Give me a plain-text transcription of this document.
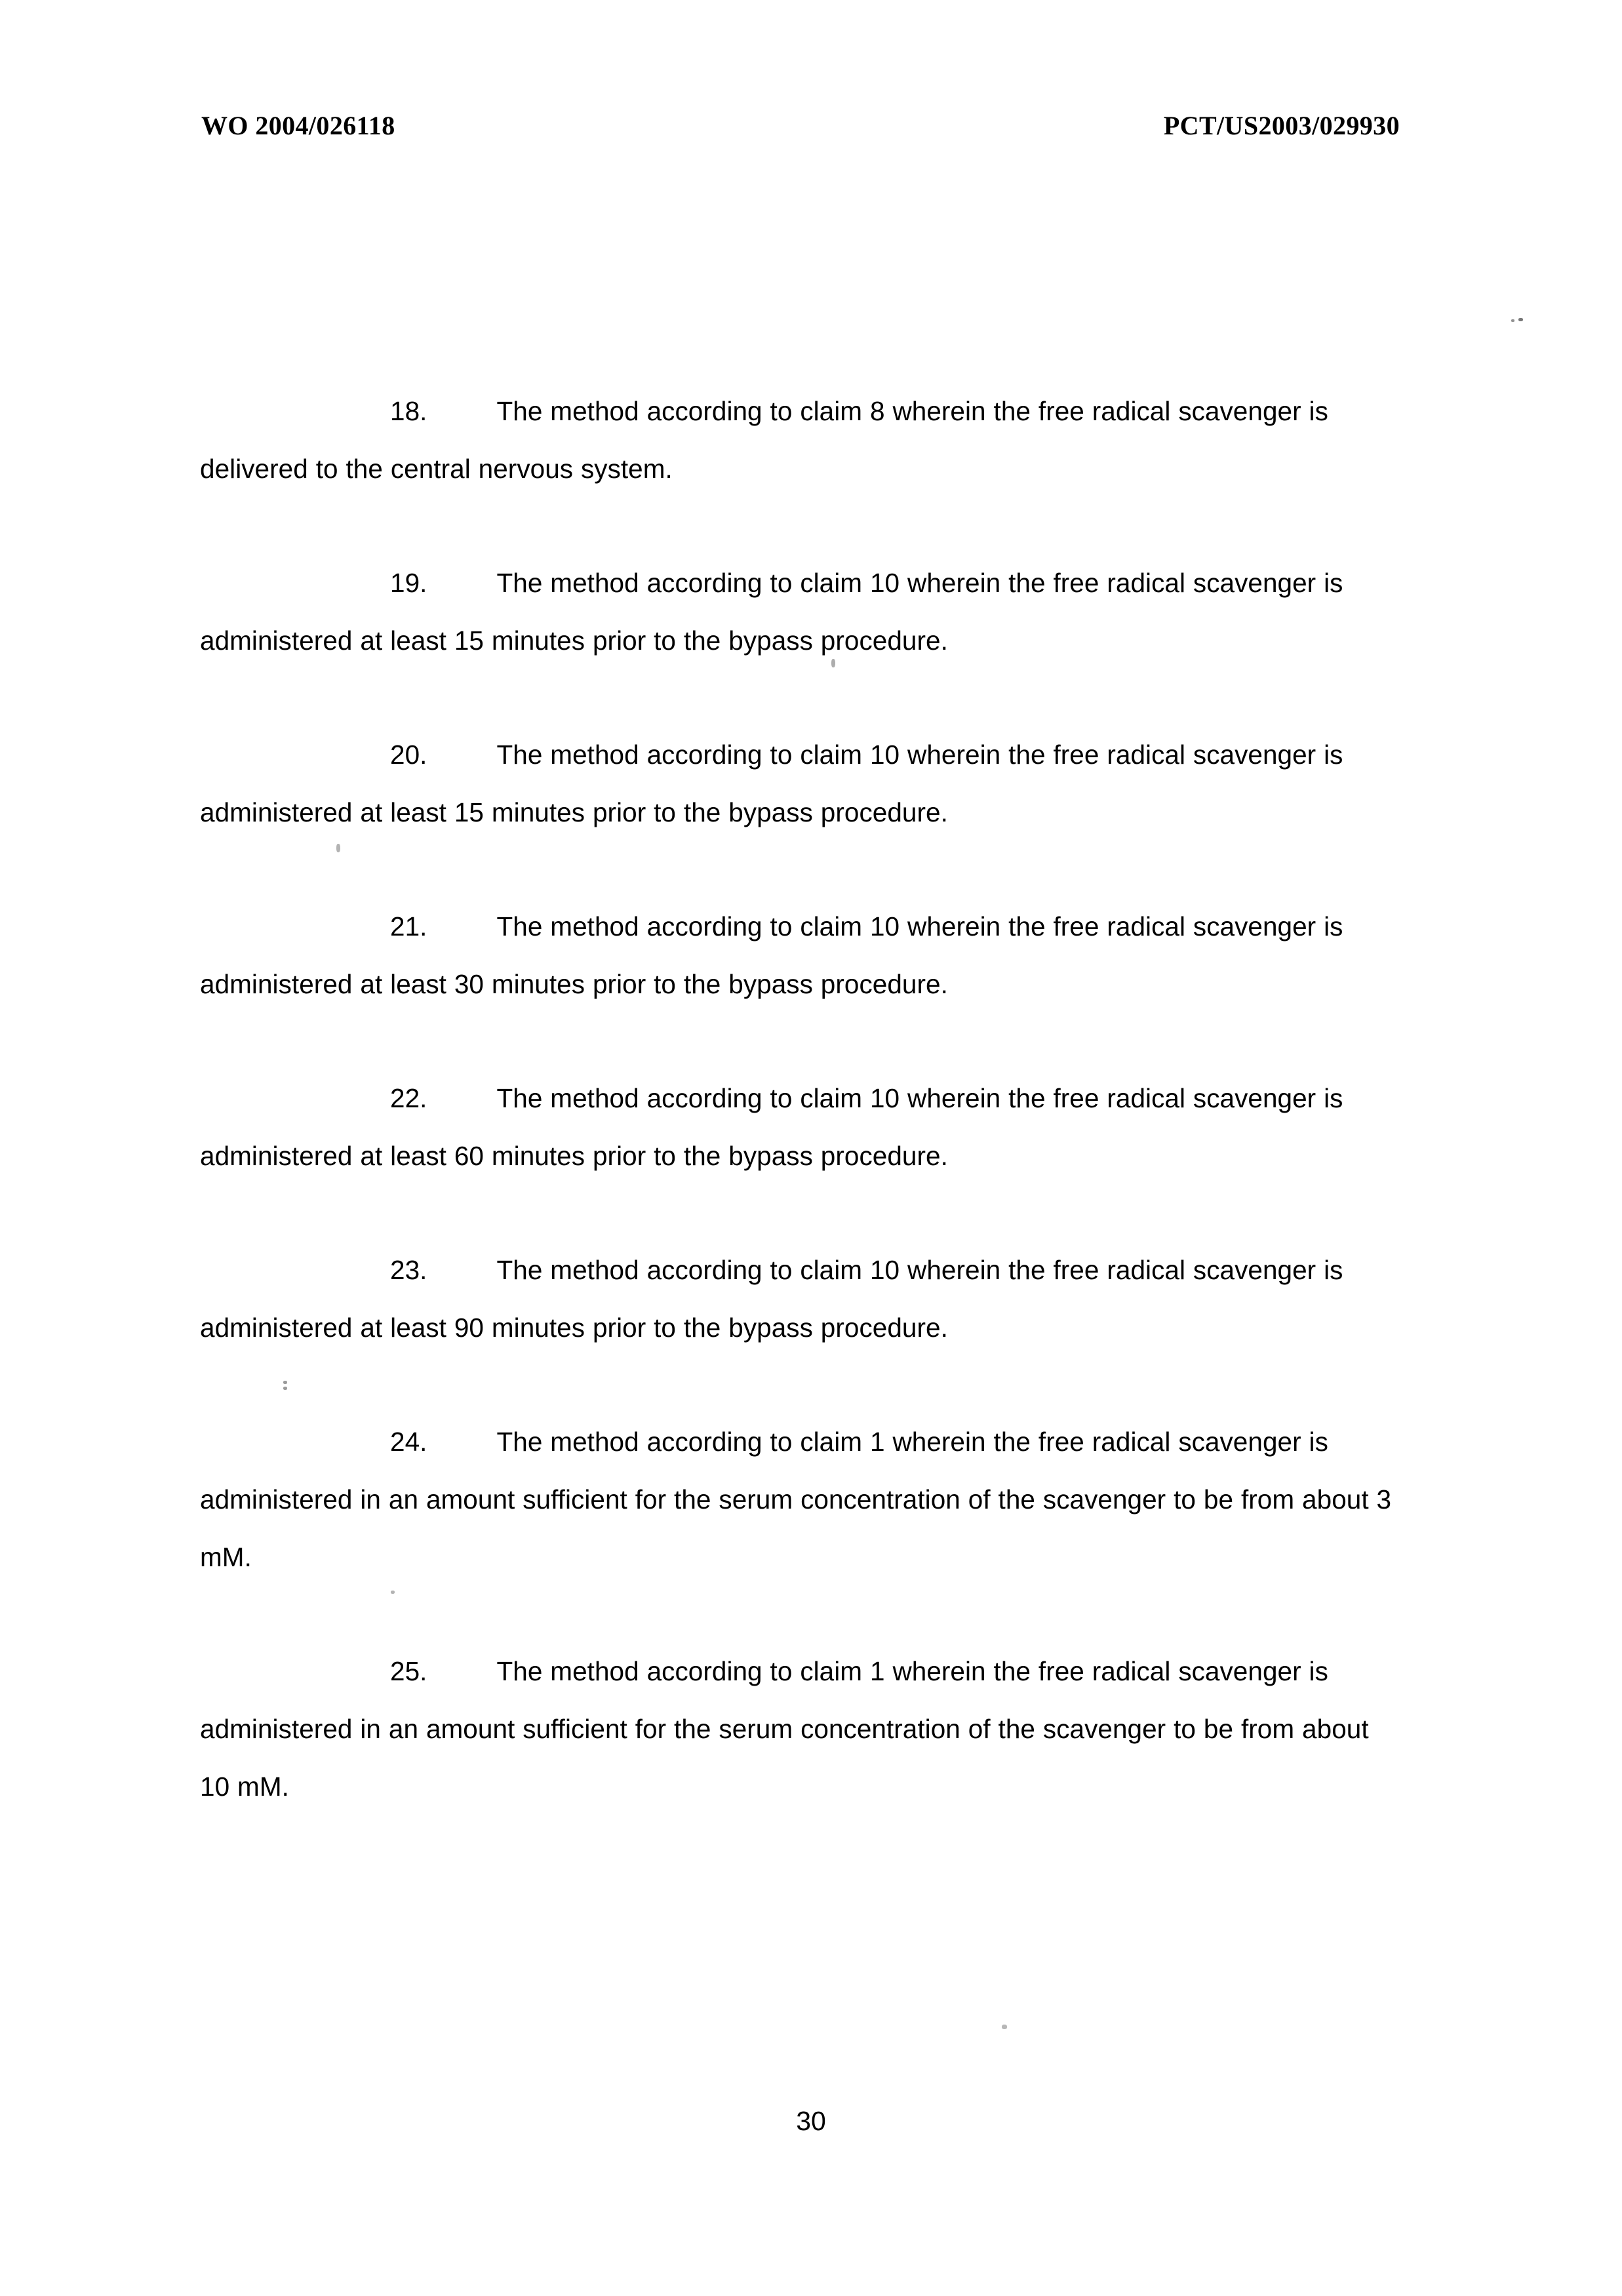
WO 2004/026118	PCT/US2003/029930

18.	The method according to claim 8 wherein the free radical scavenger is delivered to the central nervous system.

19.	The method according to claim 10 wherein the free radical scavenger is administered at least 15 minutes prior to the bypass procedure.

20.	The method according to claim 10 wherein the free radical scavenger is administered at least 15 minutes prior to the bypass procedure.

21.	The method according to claim 10 wherein the free radical scavenger is administered at least 30 minutes prior to the bypass procedure.

22.	The method according to claim 10 wherein the free radical scavenger is administered at least 60 minutes prior to the bypass procedure.

23.	The method according to claim 10 wherein the free radical scavenger is administered at least 90 minutes prior to the bypass procedure.

24.	The method according to claim 1 wherein the free radical scavenger is administered in an amount sufficient for the serum concentration of the scavenger to be from about 3 mM.

25.	The method according to claim 1 wherein the free radical scavenger is administered in an amount sufficient for the serum concentration of the scavenger to be from about 10 mM.

30
